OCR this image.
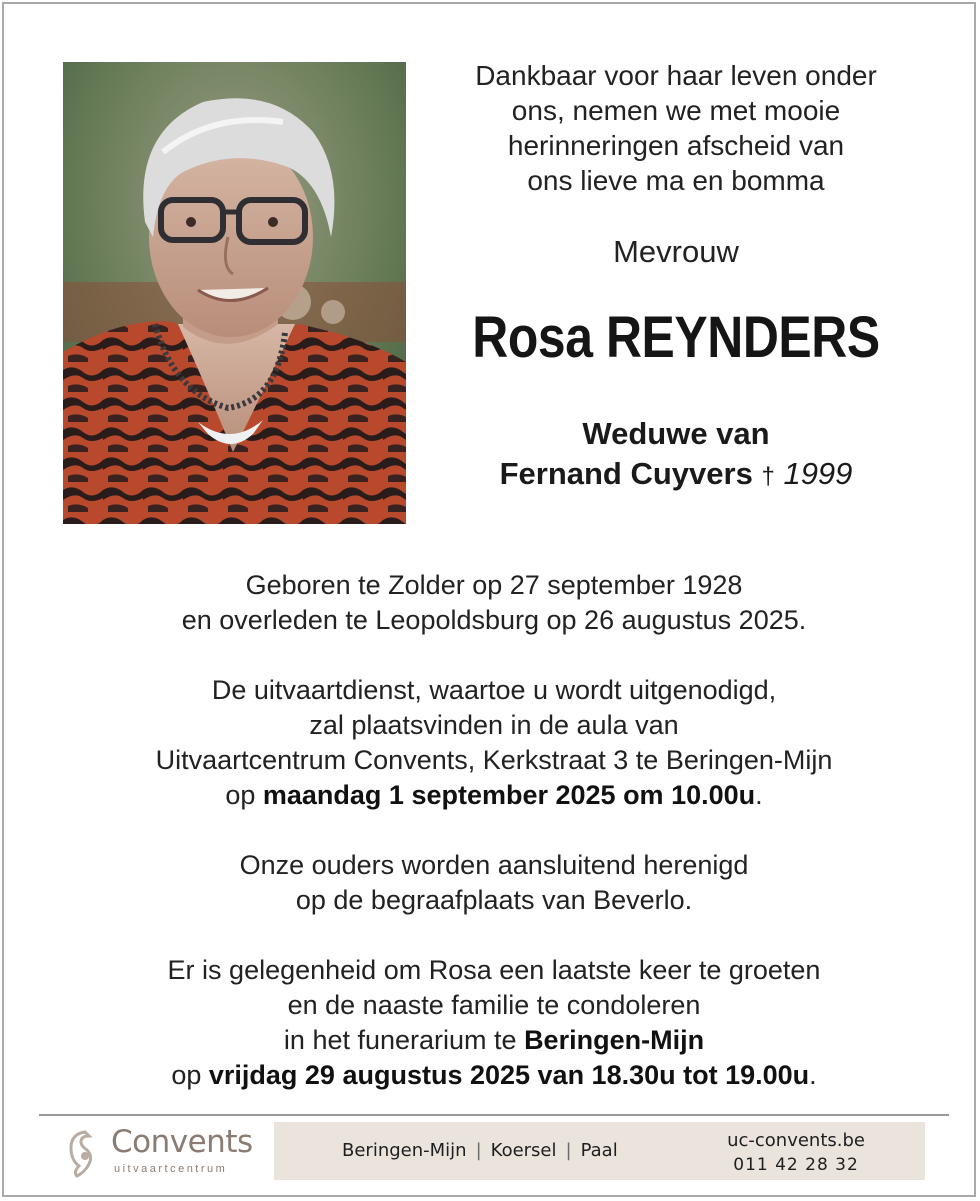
Dankbaar voor haar leven onder
ons, nemen we met mooie
herinneringen afscheid van
ons lieve ma en bomma
Mevrouw
Rosa REYNDERS
Weduwe van
Fernand Cuyvers † 1999
Geboren te Zolder op 27 september 1928
en overleden te Leopoldsburg op 26 augustus 2025.
De uitvaartdienst, waartoe u wordt uitgenodigd,
zal plaatsvinden in de aula van
Uitvaartcentrum Convents, Kerkstraat 3 te Beringen-Mijn
op maandag 1 september 2025 om 10.00u.
Onze ouders worden aansluitend herenigd
op de begraafplaats van Beverlo.
Er is gelegenheid om Rosa een laatste keer te groeten
en de naaste familie te condoleren
in het funerarium te Beringen-Mijn
op vrijdag 29 augustus 2025 van 18.30u tot 19.00u.
Convents
uitvaartcentrum
Beringen-Mijn | Koersel | Paal	uc-convents.be
011 42 28 32
